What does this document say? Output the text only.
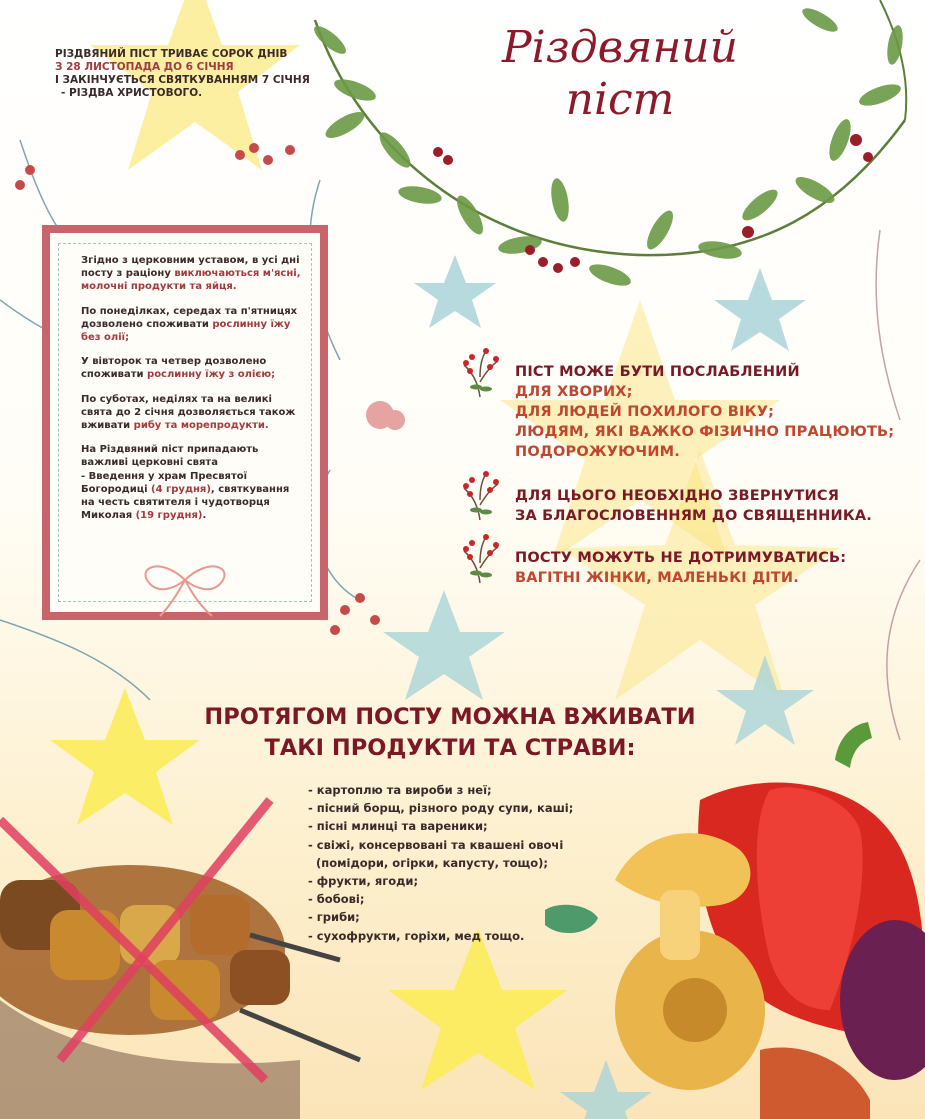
РІЗДВЯНИЙ ПІСТ ТРИВАЄ СОРОК ДНІВ
З 28 ЛИСТОПАДА ДО 6 СІЧНЯ
І ЗАКІНЧУЄТЬСЯ СВЯТКУВАННЯМ 7 СІЧНЯ
- РІЗДВА ХРИСТОВОГО.
Різдвяний
піст

Згідно з церковним уставом, в усі дні посту з раціону виключаються м'ясні, молочні продукти та яйця.

По понеділках, середах та п'ятницях дозволено споживати рослинну їжу без олії;

У вівторок та четвер дозволено споживати рослинну їжу з олією;

По суботах, неділях та на великі свята до 2 січня дозволяється також вживати рибу та морепродукти.

На Різдвяний піст припадають важливі церковні свята
- Введення у храм Пресвятої Богородиці (4 грудня), святкування на честь святителя і чудотворця Миколая (19 грудня).

ПІСТ МОЖЕ БУТИ ПОСЛАБЛЕНИЙ
ДЛЯ ХВОРИХ;
ДЛЯ ЛЮДЕЙ ПОХИЛОГО ВІКУ;
ЛЮДЯМ, ЯКІ ВАЖКО ФІЗИЧНО ПРАЦЮЮТЬ;
ПОДОРОЖУЮЧИМ.
ДЛЯ ЦЬОГО НЕОБХІДНО ЗВЕРНУТИСЯ
ЗА БЛАГОСЛОВЕННЯМ ДО СВЯЩЕННИКА.
ПОСТУ МОЖУТЬ НЕ ДОТРИМУВАТИСЬ:
ВАГІТНІ ЖІНКИ, МАЛЕНЬКІ ДІТИ.
ПРОТЯГОМ ПОСТУ МОЖНА ВЖИВАТИ
ТАКІ ПРОДУКТИ ТА СТРАВИ:
- картоплю та вироби з неї;
- пісний борщ, різного роду супи, каші;
- пісні млинці та вареники;
- свіжі, консервовані та квашені овочі
(помідори, огірки, капусту, тощо);
- фрукти, ягоди;
- бобові;
- гриби;
- сухофрукти, горіхи, мед тощо.
